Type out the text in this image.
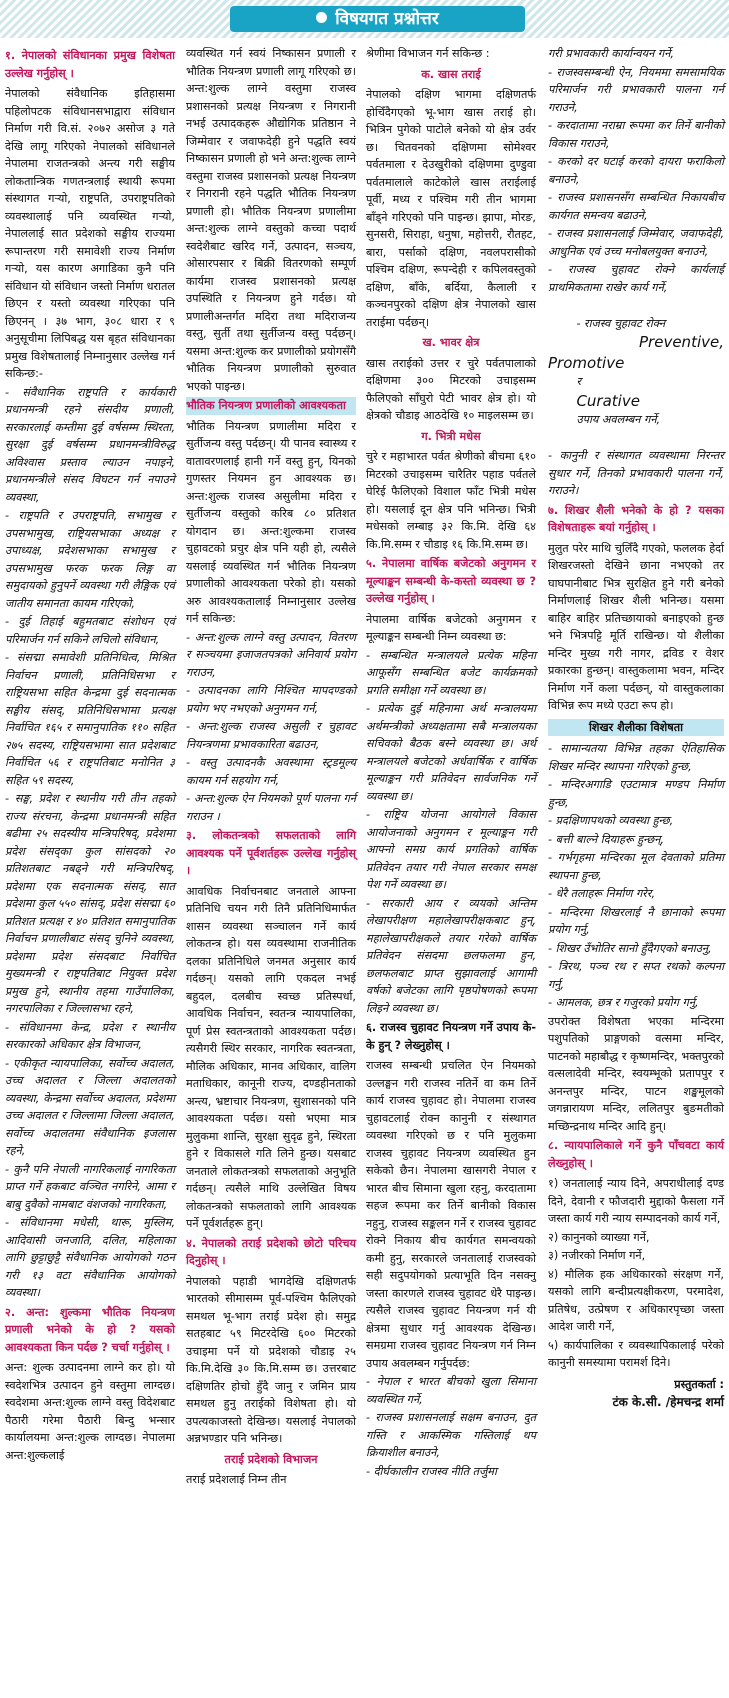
विषयगत प्रश्नोत्तर

१. नेपालको संविधानका प्रमुख विशेषता उल्लेख गर्नुहोस् ।

नेपालको संवैधानिक इतिहासमा पहिलोपटक संविधानसभाद्वारा संविधान निर्माण गरी वि.सं. २०७२ असोज ३ गते देखि लागू गरिएको नेपालको संविधानले नेपालमा राजतन्त्रको अन्त्य गरी सङ्घीय लोकतान्त्रिक गणतन्त्रलाई स्थायी रूपमा संस्थागत गऱ्यो, राष्ट्रपति, उपराष्ट्रपतिको व्यवस्थालाई पनि व्यवस्थित गऱ्यो, नेपाललाई सात प्रदेशको सङ्घीय राज्यमा रूपान्तरण गरी समावेशी राज्य निर्माण गऱ्यो, यस कारण अगाडिका कुनै पनि संविधान यो संविधान जस्तो निर्माण धरातल छिएन र यस्तो व्यवस्था गरिएका पनि छिएनन् । ३७ भाग, ३०८ धारा र ९ अनुसूचीमा लिपिबद्ध यस बृहत संविधानका प्रमुख विशेषतालाई निम्नानुसार उल्लेख गर्न सकिन्छ:-

- संवैधानिक राष्ट्रपति र कार्यकारी प्रधानमन्त्री रहने संसदीय प्रणाली, सरकारलाई कम्तीमा दुई वर्षसम्म स्थिरता, सुरक्षा दुई वर्षसम्म प्रधानमन्त्रीविरुद्ध अविश्वास प्रस्ताव ल्याउन नपाइने, प्रधानमन्त्रीले संसद विघटन गर्न नपाउने व्यवस्था,

- राष्ट्रपति र उपराष्ट्रपति, सभामुख र उपसभामुख, राष्ट्रियसभाका अध्यक्ष र उपाध्यक्ष, प्रदेशसभाका सभामुख र उपसभामुख फरक फरक लिङ्ग वा समुदायको हुनुपर्ने व्यवस्था गरी लैङ्गिक एवं जातीय समानता कायम गरिएको,

- दुई तिहाई बहुमतबाट संशोधन एवं परिमार्जन गर्न सकिने लचिलो संविधान,

- संसद्मा समावेशी प्रतिनिधित्व, मिश्रित निर्वाचन प्रणाली, प्रतिनिधिसभा र राष्ट्रियसभा सहित केन्द्रमा दुई सदनात्मक सङ्घीय संसद्, प्रतिनिधिसभामा प्रत्यक्ष निर्वाचित १६५ र समानुपातिक ११० सहित २७५ सदस्य, राष्ट्रियसभामा सात प्रदेशबाट निर्वाचित ५६ र राष्ट्रपतिबाट मनोनित ३ सहित ५९ सदस्य,

- सङ्घ, प्रदेश र स्थानीय गरी तीन तहको राज्य संरचना, केन्द्रमा प्रधानमन्त्री सहित बढीमा २५ सदस्यीय मन्त्रिपरिषद्, प्रदेशमा प्रदेश संसद्का कुल सांसदको २० प्रतिशतबाट नबढ्ने गरी मन्त्रिपरिषद्, प्रदेशमा एक सदनात्मक संसद्, सात प्रदेशमा कुल ५५० सांसद्, प्रदेश संसद्मा ६० प्रतिशत प्रत्यक्ष र ४० प्रतिशत समानुपातिक निर्वाचन प्रणालीबाट संसद् चुनिने व्यवस्था, प्रदेशमा प्रदेश संसदबाट निर्वाचित मुख्यमन्त्री र राष्ट्रपतिबाट नियुक्त प्रदेश प्रमुख हुने, स्थानीय तहमा गाउँपालिका, नगरपालिका र जिल्लासभा रहने,

- संविधानमा केन्द्र, प्रदेश र स्थानीय सरकारको अधिकार क्षेत्र विभाजन,

- एकीकृत न्यायपालिका, सर्वोच्च अदालत, उच्च अदालत र जिल्ला अदालतको व्यवस्था, केन्द्रमा सर्वोच्च अदालत, प्रदेशमा उच्च अदालत र जिल्लामा जिल्ला अदालत, सर्वोच्च अदालतमा संवैधानिक इजलास रहने,

- कुनै पनि नेपाली नागरिकलाई नागरिकता प्राप्त गर्ने हकबाट वञ्चित नगरिने, आमा र बाबु दुवैको नामबाट वंशजको नागरिकता,

- संविधानमा मधेसी, थारू, मुस्लिम, आदिवासी जनजाति, दलित, महिलाका लागि छुट्टाछुट्टै संवैधानिक आयोगको गठन गरी १३ वटा संवैधानिक आयोगको व्यवस्था।

२. अन्त: शुल्कमा भौतिक नियन्त्रण प्रणाली भनेको के हो ? यसको आवश्यकता किन पर्दछ ? चर्चा गर्नुहोस् ।

अन्त: शुल्क उत्पादनमा लाग्ने कर हो। यो स्वदेशभित्र उत्पादन हुने वस्तुमा लाग्दछ। स्वदेशमा अन्त:शुल्क लाग्ने वस्तु विदेशबाट पैठारी गरेमा पैठारी बिन्दु भन्सार कार्यालयमा अन्त:शुल्क लाग्दछ। नेपालमा अन्त:शुल्कलाई

व्यवस्थित गर्न स्वयं निष्कासन प्रणाली र भौतिक नियन्त्रण प्रणाली लागू गरिएको छ। अन्त:शुल्क लाग्ने वस्तुमा राजस्व प्रशासनको प्रत्यक्ष नियन्त्रण र निगरानी नभई उत्पादकहरू औद्योगिक प्रतिष्ठान ने जिम्मेवार र जवाफदेही हुने पद्धति स्वयं निष्कासन प्रणाली हो भने अन्त:शुल्क लाग्ने वस्तुमा राजस्व प्रशासनको प्रत्यक्ष नियन्त्रण र निगरानी रहने पद्धति भौतिक नियन्त्रण प्रणाली हो। भौतिक नियन्त्रण प्रणालीमा अन्त:शुल्क लाग्ने वस्तुको कच्चा पदार्थ स्वदेशैबाट खरिद गर्ने, उत्पादन, सञ्चय, ओसारपसार र बिक्री वितरणको सम्पूर्ण कार्यमा राजस्व प्रशासनको प्रत्यक्ष उपस्थिति र नियन्त्रण हुने गर्दछ। यो प्रणालीअन्तर्गत मदिरा तथा मदिराजन्य वस्तु, सुर्ती तथा सुर्तीजन्य वस्तु पर्दछन्। यसमा अन्त:शुल्क कर प्रणालीको प्रयोगसँगै भौतिक नियन्त्रण प्रणालीको सुरुवात भएको पाइन्छ।

भौतिक नियन्त्रण प्रणालीको आवश्यकता

भौतिक नियन्त्रण प्रणालीमा मदिरा र सुर्तीजन्य वस्तु पर्दछन्। यी पानव स्वास्थ्य र वातावरणलाई हानी गर्ने वस्तु हुन्, यिनको गुणस्तर नियमन हुन आवश्यक छ। अन्त:शुल्क राजस्व असुलीमा मदिरा र सुर्तीजन्य वस्तुको करिब ८० प्रतिशत योगदान छ। अन्त:शुल्कमा राजस्व चुहावटको प्रचुर क्षेत्र पनि यही हो, त्यसैले यसलाई व्यवस्थित गर्न भौतिक नियन्त्रण प्रणालीको आवश्यकता परेको हो। यसको अरु आवश्यकतालाई निम्नानुसार उल्लेख गर्न सकिन्छ:

- अन्त:शुल्क लाग्ने वस्तु उत्पादन, वितरण र सञ्चयमा इजाजतपत्रको अनिवार्य प्रयोग गराउन,

- उत्पादनका लागि निश्चित मापदण्डको प्रयोग भए नभएको अनुगमन गर्न,

- अन्त:शुल्क राजस्व असुली र चुहावट नियन्त्रणमा प्रभावकारिता बढाउन,

- वस्तु उत्पादनकै अवस्थामा स्ट्रडमूल्य कायम गर्न सहयोग गर्न,

- अन्त:शुल्क ऐन नियमको पूर्ण पालना गर्न गराउन ।

३. लोकतन्त्रको सफलताको लागि आवश्यक पर्ने पूर्वशर्तहरू उल्लेख गर्नुहोस् ।

आवधिक निर्वाचनबाट जनताले आफ्ना प्रतिनिधि चयन गरी तिनै प्रतिनिधिमार्फत शासन व्यवस्था सञ्चालन गर्ने कार्य लोकतन्त्र हो। यस व्यवस्थामा राजनीतिक दलका प्रतिनिधिले जनमत अनुसार कार्य गर्दछन्। यसको लागि एकदल नभई बहुदल, दलबीच स्वच्छ प्रतिस्पर्धा, आवधिक निर्वाचन, स्वतन्त्र न्यायपालिका, पूर्ण प्रेस स्वतन्त्रताको आवश्यकता पर्दछ। त्यसैगरी स्थिर सरकार, नागरिक स्वतन्त्रता, मौलिक अधिकार, मानव अधिकार, वालिग मताधिकार, कानूनी राज्य, दण्डहीनताको अन्त्य, भ्रष्टाचार नियन्त्रण, सुशासनको पनि आवश्यकता पर्दछ। यसो भएमा मात्र मुलुकमा शान्ति, सुरक्षा सुदृढ हुने, स्थिरता हुने र विकासले गति लिने हुन्छ। यसबाट जनताले लोकतन्त्रको सफलताको अनुभूति गर्दछन्। त्यसैले माथि उल्लेखित विषय लोकतन्त्रको सफलताको लागि आवश्यक पर्ने पूर्वशर्तहरू हुन्।

४. नेपालको तराई प्रदेशको छोटो परिचय दिनुहोस् ।

नेपालको पहाडी भागदेखि दक्षिणतर्फ भारतको सीमासम्म पूर्व-पश्चिम फैलिएको समथल भू-भाग तराई प्रदेश हो। समुद्र सतहबाट ५९ मिटरदेखि ६०० मिटरको उचाइमा पर्ने यो प्रदेशको चौडाइ २५ कि.मि.देखि ३० कि.मि.सम्म छ। उत्तरबाट दक्षिणतिर होचो हुँदै जानु र जमिन प्राय समथल हुनु तराईको विशेषता हो। यो उपत्यकाजस्तो देखिन्छ। यसलाई नेपालको अन्नभण्डार पनि भनिन्छ।

तराई प्रदेशको विभाजन

तराई प्रदेशलाई निम्न तीन

श्रेणीमा विभाजन गर्न सकिन्छ :

क. खास तराई

नेपालको दक्षिण भागमा दक्षिणतर्फ होचिँदैगएको भू-भाग खास तराई हो। भित्रिन पुगेको पाटोले बनेको यो क्षेत्र उर्वर छ। चितवनको दक्षिणमा सोमेश्वर पर्वतमाला र देउखुरीको दक्षिणमा दुण्डुवा पर्वतमालाले काटेकोले खास तराईलाई पूर्वी, मध्य र पश्चिम गरी तीन भागमा बाँड्ने गरिएको पनि पाइन्छ। झापा, मोरङ, सुनसरी, सिराहा, धनुषा, महोत्तरी, रौतहट, बारा, पर्साको दक्षिण, नवलपरासीको पश्चिम दक्षिण, रूपन्देही र कपिलवस्तुको दक्षिण, बाँके, बर्दिया, कैलाली र कञ्चनपुरको दक्षिण क्षेत्र नेपालको खास तराईमा पर्दछन्।

ख. भावर क्षेत्र

खास तराईको उत्तर र चुरे पर्वतपालाको दक्षिणमा ३०० मिटरको उचाइसम्म फैलिएको साँघुरो पेटी भावर क्षेत्र हो। यो क्षेत्रको चौडाइ आठदेखि १० माइलसम्म छ।

ग. भित्री मधेस

चुरे र महाभारत पर्वत श्रेणीको बीचमा ६१० मिटरको उचाइसम्म चारैतिर पहाड पर्वतले घेरिई फैलिएको विशाल फाँट भित्री मधेस हो। यसलाई दून क्षेत्र पनि भनिन्छ। भित्री मधेसको लम्बाइ ३२ कि.मि. देखि ६४ कि.मि.सम्म र चौडाइ १६ कि.मि.सम्म छ।

५. नेपालमा वार्षिक बजेटको अनुगमन र मूल्याङ्कन सम्बन्धी के-कस्तो व्यवस्था छ ? उल्लेख गर्नुहोस् ।

नेपालमा वार्षिक बजेटको अनुगमन र मूल्याङ्कन सम्बन्धी निम्न व्यवस्था छ:

- सम्बन्धित मन्त्रालयले प्रत्येक महिना आफूसँग सम्बन्धित बजेट कार्यक्रमको प्रगति समीक्षा गर्ने व्यवस्था छ।

- प्रत्येक दुई महिनामा अर्थ मन्त्रालयमा अर्थमन्त्रीको अध्यक्षतामा सबै मन्त्रालयका सचिवको बैठक बस्ने व्यवस्था छ। अर्थ मन्त्रालयले बजेटको अर्धवार्षिक र वार्षिक मूल्याङ्कन गरी प्रतिवेदन सार्वजनिक गर्ने व्यवस्था छ।

- राष्ट्रिय योजना आयोगले विकास आयोजनाको अनुगमन र मूल्याङ्कन गरी आफ्नो समग्र कार्य प्रगतिको वार्षिक प्रतिवेदन तयार गरी नेपाल सरकार समक्ष पेश गर्ने व्यवस्था छ।

- सरकारी आय र व्ययको अन्तिम लेखापरीक्षण महालेखापरीक्षकबाट हुन्, महालेखापरीक्षकले तयार गरेको वार्षिक प्रतिवेदन संसदमा छलफलमा हुन, छलफलबाट प्राप्त सुझावलाई आगामी वर्षको बजेटका लागि पृष्ठपोषणको रूपमा लिइने व्यवस्था छ।

६. राजस्व चुहावट नियन्त्रण गर्ने उपाय के-के हुन् ? लेख्नुहोस् ।

राजस्व सम्बन्धी प्रचलित ऐन नियमको उल्लङ्घन गरी राजस्व नतिर्ने वा कम तिर्ने कार्य राजस्व चुहावट हो। नेपालमा राजस्व चुहावटलाई रोक्न कानुनी र संस्थागत व्यवस्था गरिएको छ र पनि मुलुकमा राजस्व चुहावट नियन्त्रण व्यवस्थित हुन सकेको छैन। नेपालमा खासगरी नेपाल र भारत बीच सिमाना खुला रहनु, करदातामा सहज रूपमा कर तिर्ने बानीको विकास नहुनु, राजस्व सङ्कलन गर्ने र राजस्व चुहावट रोक्ने निकाय बीच कार्यगत समन्वयको कमी हुनु, सरकारले जनतालाई राजस्वको सही सदुपयोगको प्रत्याभूति दिन नसक्नु जस्ता कारणले राजस्व चुहावट धेरै पाइन्छ। त्यसैले राजस्व चुहावट नियन्त्रण गर्न यी क्षेत्रमा सुधार गर्नु आवश्यक देखिन्छ। समग्रमा राजस्व चुहावट नियन्त्रण गर्न निम्न उपाय अवलम्बन गर्नुपर्दछ:

- नेपाल र भारत बीचको खुला सिमाना व्यवस्थित गर्ने,

- राजस्व प्रशासनलाई सक्षम बनाउन, दुत गस्ति र आकस्मिक गस्तिलाई थप क्रियाशील बनाउने,

- दीर्घकालीन राजस्व नीति तर्जुमा

गरी प्रभावकारी कार्यान्वयन गर्ने,

- राजस्वसम्बन्धी ऐन, नियममा समसामयिक परिमार्जन गरी प्रभावकारी पालना गर्न गराउने,

- करदातामा नराम्रा रूपमा कर तिर्ने बानीको विकास गराउने,

- करको दर घटाई करको दायरा फराकिलो बनाउने,

- राजस्व प्रशासनसँग सम्बन्धित निकायबीच कार्यगत समन्वय बढाउने,

- राजस्व प्रशासनलाई जिम्मेवार, जवाफदेही, आधुनिक एवं उच्च मनोबलयुक्त बनाउने,

- राजस्व चुहावट रोक्ने कार्यलाई प्राथमिकतामा राखेर कार्य गर्ने,

- राजस्व चुहावट रोक्न
Preventive, Promotive
र
Curative
उपाय अवलम्बन गर्ने,

- कानुनी र संस्थागत व्यवस्थामा निरन्तर सुधार गर्ने, तिनको प्रभावकारी पालना गर्ने, गराउने।

७. शिखर शैली भनेको के हो ? यसका विशेषताहरू बयां गर्नुहोस् ।

मुलुत परेर माथि चुलिँदै गएको, फललक हेर्दा शिखरजस्तो देखिने छाना नभएको तर घाघपानीबाट भित्र सुरक्षित हुने गरी बनेको निर्माणलाई शिखर शैली भनिन्छ। यसमा बाहिर बाहिर प्रतिच्छायाको बनाइएको हुन्छ भने भित्रपट्टि मूर्ति राखिन्छ। यो शैलीका मन्दिर मुख्य गरी नागर, द्रविड र वेशर प्रकारका हुन्छन्। वास्तुकलामा भवन, मन्दिर निर्माण गर्ने कला पर्दछन्, यो वास्तुकलाका विभिन्न रूप मध्ये एउटा रूप हो।

शिखर शैलीका विशेषता

- सामान्यतया विभिन्न तहका ऐतिहासिक शिखर मन्दिर स्थापना गरिएको हुन्छ,

- मन्दिरअगाडि एउटामात्र मण्डप निर्माण हुन्छ,

- प्रदक्षिणापथको व्यवस्था हुन्छ,

- बत्ती बाल्ने दियाहरू हुन्छन्,

- गर्भगृहमा मन्दिरका मूल देवताको प्रतिमा स्थापना हुन्छ,

- धेरै तलाहरू निर्माण गरेर,

- मन्दिरमा शिखरलाई नै छानाको रूपमा प्रयोग गर्नु,

- शिखर उँभोतिर सानो हुँदैगएको बनाउनु,

- त्रिरथ, पञ्च रथ र सप्त रथको कल्पना गर्नु,

- आमलक, छत्र र गजुरको प्रयोग गर्नु,

उपरोक्त विशेषता भएका मन्दिरमा पशुपतिको प्राङ्गणको वत्समा मन्दिर, पाटनको महाबौद्ध र कृष्णमन्दिर, भक्तपुरको वत्सलादेवी मन्दिर, स्वयम्भूको प्रतापपुर र अनन्तपुर मन्दिर, पाटन शङ्खमूलको जगन्नारायण मन्दिर, ललितपुर बुङमतीको मच्छिन्द्रनाथ मन्दिर आदि हुन्।

८. न्यायपालिकाले गर्ने कुनै पाँचवटा कार्य लेख्नुहोस् ।

१) जनतालाई न्याय दिने, अपराधीलाई दण्ड दिने, देवानी र फौजदारी मुद्दाको फैसला गर्ने जस्ता कार्य गरी न्याय सम्पादनको कार्य गर्ने,

२) कानुनको व्याख्या गर्ने,

३) नजीरको निर्माण गर्ने,

४) मौलिक हक अधिकारको संरक्षण गर्ने, यसको लागि बन्दीप्रत्यक्षीकरण, परमादेश, प्रतिषेध, उत्प्रेषण र अधिकारपृच्छा जस्ता आदेश जारी गर्ने,

५) कार्यपालिका र व्यवस्थापिकालाई परेको कानुनी समस्यामा परामर्श दिने।

प्रस्तुतकर्ता :

टंक के.सी. /हेमचन्द्र शर्मा
